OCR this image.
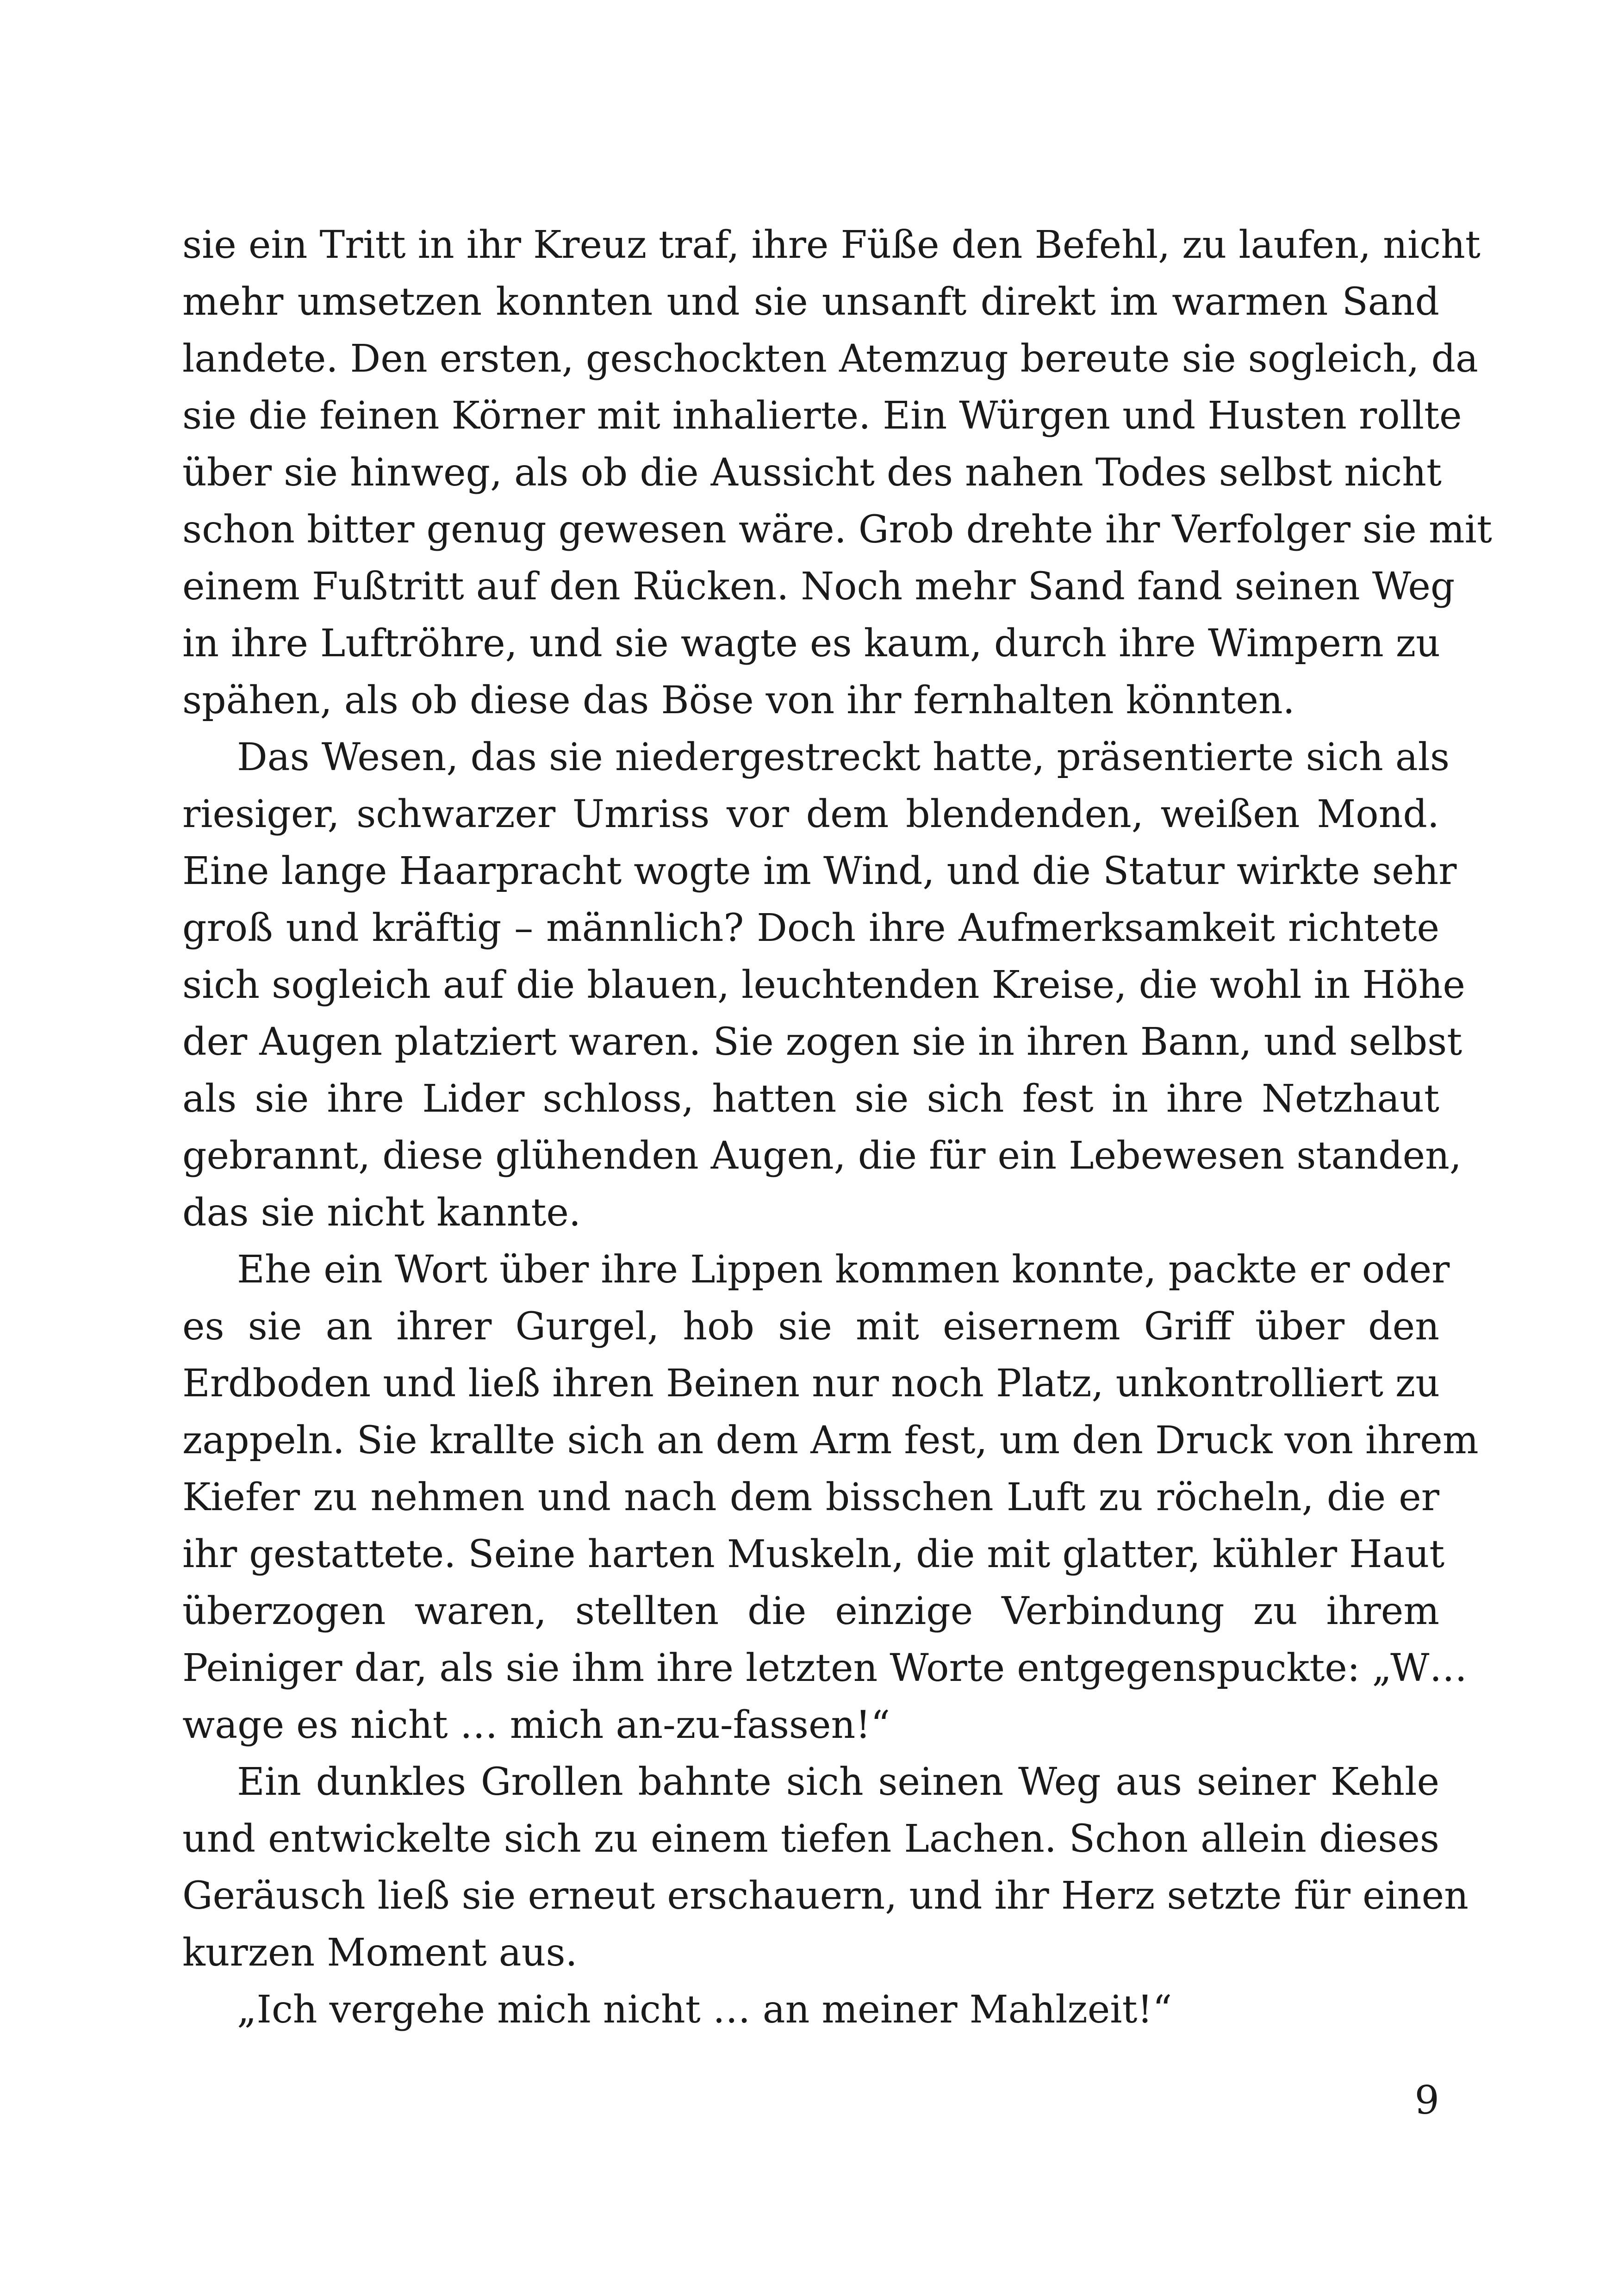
sie ein Tritt in ihr Kreuz traf, ihre Füße den Befehl, zu laufen, nicht
mehr umsetzen konnten und sie unsanft direkt im warmen Sand
landete. Den ersten, geschockten Atemzug bereute sie sogleich, da
sie die feinen Körner mit inhalierte. Ein Würgen und Husten rollte
über sie hinweg, als ob die Aussicht des nahen Todes selbst nicht
schon bitter genug gewesen wäre. Grob drehte ihr Verfolger sie mit
einem Fußtritt auf den Rücken. Noch mehr Sand fand seinen Weg
in ihre Luftröhre, und sie wagte es kaum, durch ihre Wimpern zu
spähen, als ob diese das Böse von ihr fernhalten könnten.
Das Wesen, das sie niedergestreckt hatte, präsentierte sich als
riesiger, schwarzer Umriss vor dem blendenden, weißen Mond.
Eine lange Haarpracht wogte im Wind, und die Statur wirkte sehr
groß und kräftig – männlich? Doch ihre Aufmerksamkeit richtete
sich sogleich auf die blauen, leuchtenden Kreise, die wohl in Höhe
der Augen platziert waren. Sie zogen sie in ihren Bann, und selbst
als sie ihre Lider schloss, hatten sie sich fest in ihre Netzhaut
gebrannt, diese glühenden Augen, die für ein Lebewesen standen,
das sie nicht kannte.
Ehe ein Wort über ihre Lippen kommen konnte, packte er oder
es sie an ihrer Gurgel, hob sie mit eisernem Griff über den
Erdboden und ließ ihren Beinen nur noch Platz, unkontrolliert zu
zappeln. Sie krallte sich an dem Arm fest, um den Druck von ihrem
Kiefer zu nehmen und nach dem bisschen Luft zu röcheln, die er
ihr gestattete. Seine harten Muskeln, die mit glatter, kühler Haut
überzogen waren, stellten die einzige Verbindung zu ihrem
Peiniger dar, als sie ihm ihre letzten Worte entgegenspuckte: „W…
wage es nicht … mich an-zu-fassen!“
Ein dunkles Grollen bahnte sich seinen Weg aus seiner Kehle
und entwickelte sich zu einem tiefen Lachen. Schon allein dieses
Geräusch ließ sie erneut erschauern, und ihr Herz setzte für einen
kurzen Moment aus.
„Ich vergehe mich nicht … an meiner Mahlzeit!“
9
